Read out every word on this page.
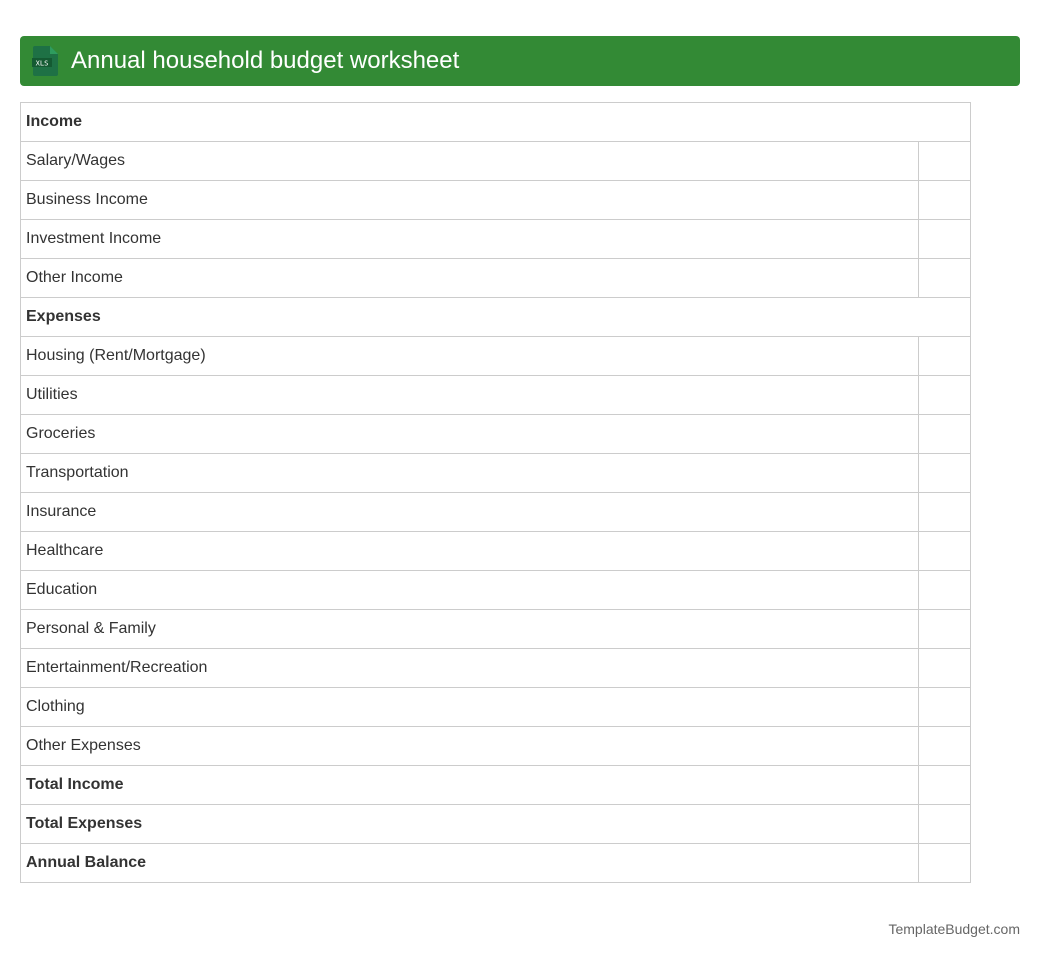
XLS Annual household budget worksheet
Income	
Salary/Wages	
Business Income	
Investment Income	
Other Income	
Expenses	
Housing (Rent/Mortgage)	
Utilities	
Groceries	
Transportation	
Insurance	
Healthcare	
Education	
Personal & Family	
Entertainment/Recreation	
Clothing	
Other Expenses	
Total Income	
Total Expenses	
Annual Balance	
TemplateBudget.com
